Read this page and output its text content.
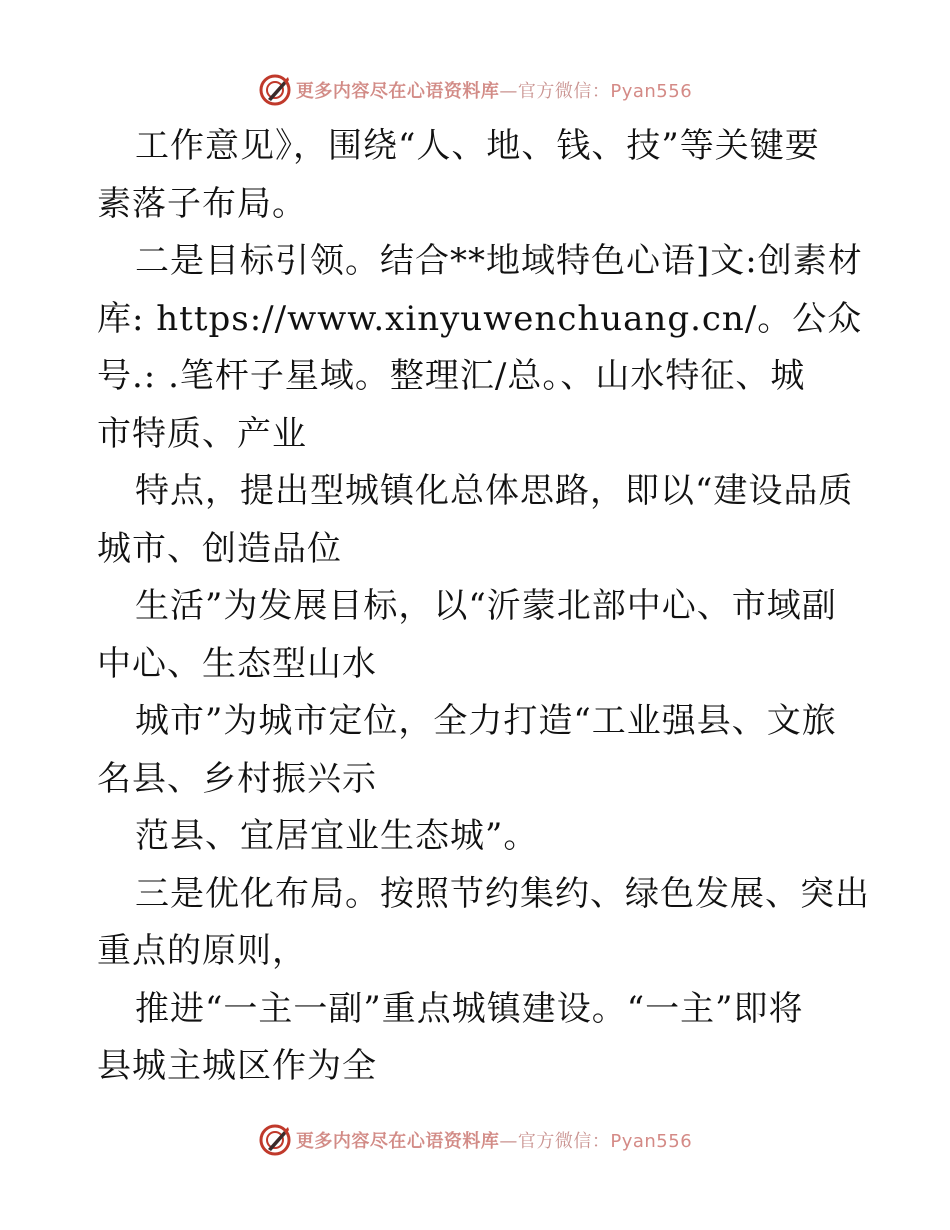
更多内容尽在心语资料库—官方微信：Pyan556
工作意见》，围绕“人、地、钱、技”等关键要
素落子布局。
二是目标引领。结合**地域特色心语]文:创素材
库: https://www.xinyuwenchuang.cn/。公众
号.: .笔杆子星域。整理汇/总。、山水特征、城
市特质、产业
特点，提出型城镇化总体思路，即以“建设品质
城市、创造品位
生活”为发展目标，以“沂蒙北部中心、市域副
中心、生态型山水
城市”为城市定位，全力打造“工业强县、文旅
名县、乡村振兴示
范县、宜居宜业生态城”。
三是优化布局。按照节约集约、绿色发展、突出
重点的原则，
推进“一主一副”重点城镇建设。“一主”即将
县城主城区作为全
更多内容尽在心语资料库—官方微信：Pyan556
